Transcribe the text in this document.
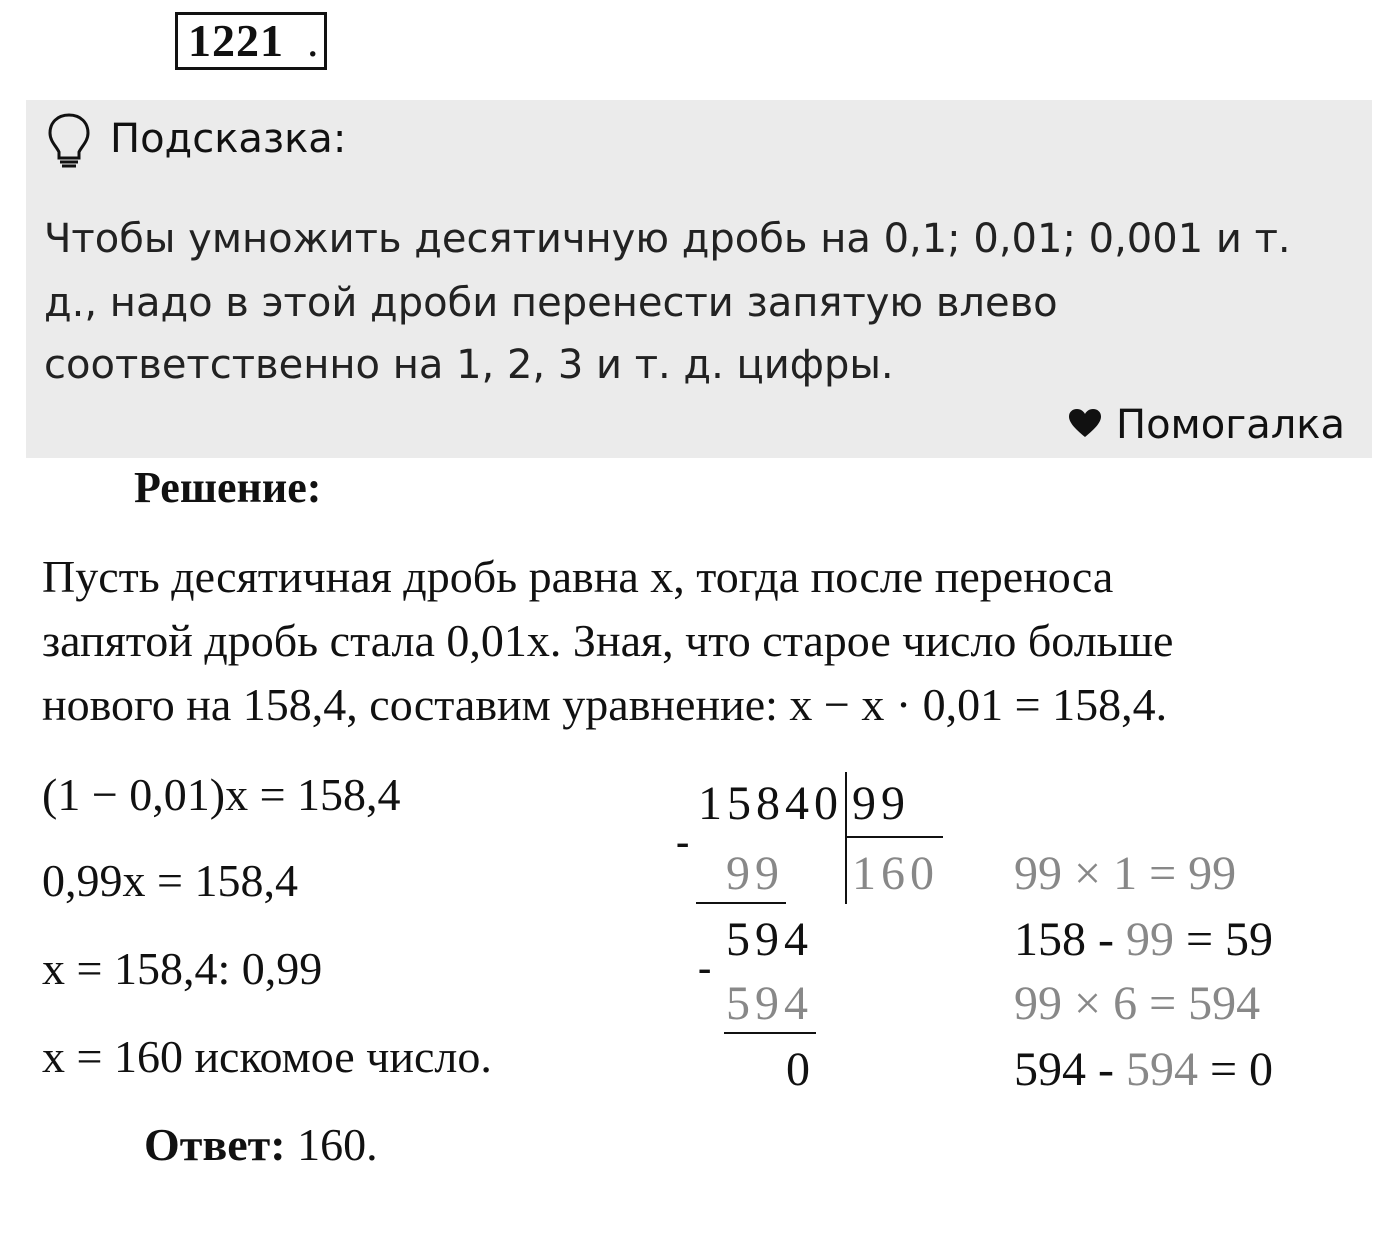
1221 .
Подсказка:
Чтобы умножить десятичную дробь на 0,1; 0,01; 0,001 и т.
д., надо в этой дроби перенести запятую влево
соответственно на 1, 2, 3 и т. д. цифры.
Помогалка
Решение:
Пусть десятичная дробь равна x, тогда после переноса
запятой дробь стала 0,01x. Зная, что старое число больше
нового на 158,4, составим уравнение: x − x · 0,01 = 158,4.
(1 − 0,01)x = 158,4
0,99x = 158,4
x = 158,4: 0,99
x = 160 искомое число.
Ответ: 160.
15840 99
160
-
99
594
-
594
0
99 × 1 = 99
158 - 99 = 59
99 × 6 = 594
594 - 594 = 0
